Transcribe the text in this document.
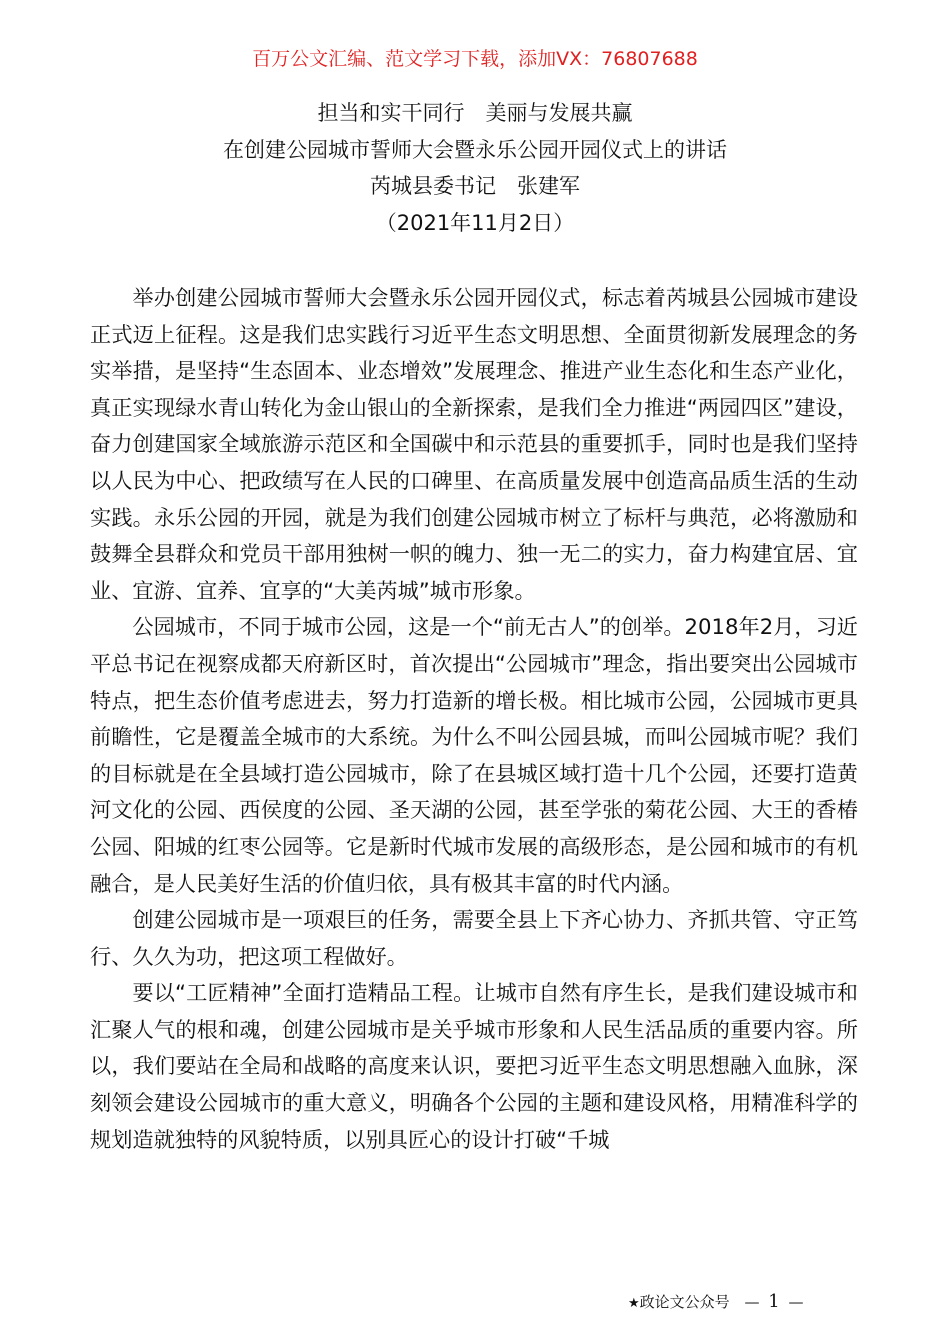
百万公文汇编、范文学习下载，添加VX：76807688
担当和实干同行　美丽与发展共赢
在创建公园城市誓师大会暨永乐公园开园仪式上的讲话
芮城县委书记　张建军
（2021年11月2日）

举办创建公园城市誓师大会暨永乐公园开园仪式，标志着芮城县公园城市建设正式迈上征程。这是我们忠实践行习近平生态文明思想、全面贯彻新发展理念的务实举措，是坚持“生态固本、业态增效”发展理念、推进产业生态化和生态产业化，真正实现绿水青山转化为金山银山的全新探索，是我们全力推进“两园四区”建设，奋力创建国家全域旅游示范区和全国碳中和示范县的重要抓手，同时也是我们坚持以人民为中心、把政绩写在人民的口碑里、在高质量发展中创造高品质生活的生动实践。永乐公园的开园，就是为我们创建公园城市树立了标杆与典范，必将激励和鼓舞全县群众和党员干部用独树一帜的魄力、独一无二的实力，奋力构建宜居、宜业、宜游、宜养、宜享的“大美芮城”城市形象。

公园城市，不同于城市公园，这是一个“前无古人”的创举。2018年2月，习近平总书记在视察成都天府新区时，首次提出“公园城市”理念，指出要突出公园城市特点，把生态价值考虑进去，努力打造新的增长极。相比城市公园，公园城市更具前瞻性，它是覆盖全城市的大系统。为什么不叫公园县城，而叫公园城市呢？我们的目标就是在全县域打造公园城市，除了在县城区域打造十几个公园，还要打造黄河文化的公园、西侯度的公园、圣天湖的公园，甚至学张的菊花公园、大王的香椿公园、阳城的红枣公园等。它是新时代城市发展的高级形态，是公园和城市的有机融合，是人民美好生活的价值归依，具有极其丰富的时代内涵。

创建公园城市是一项艰巨的任务，需要全县上下齐心协力、齐抓共管、守正笃行、久久为功，把这项工程做好。

要以“工匠精神”全面打造精品工程。让城市自然有序生长，是我们建设城市和汇聚人气的根和魂，创建公园城市是关乎城市形象和人民生活品质的重要内容。所以，我们要站在全局和战略的高度来认识，要把习近平生态文明思想融入血脉，深刻领会建设公园城市的重大意义，明确各个公园的主题和建设风格，用精准科学的规划造就独特的风貌特质，以别具匠心的设计打破“千城

★政论文公众号 — 1 —
